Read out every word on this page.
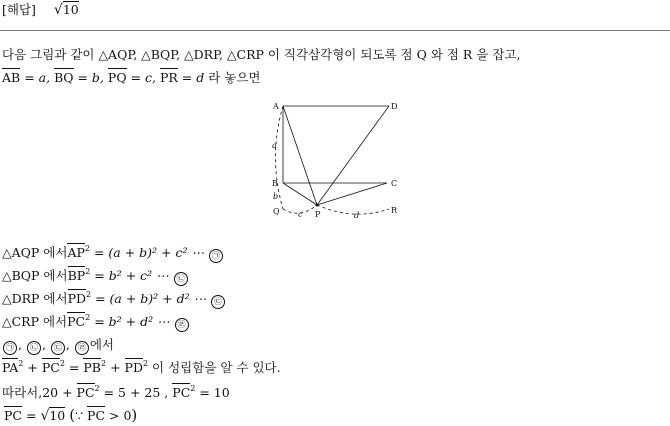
[해답] √10
다음 그림과 같이 △AQP, △BQP, △DRP, △CRP 이 직각삼각형이 되도록 점 Q 와 점 R 을 잡고,
AB = a, BQ = b, PQ = c, PR = d 라 놓으면
A	D
B	C
Q	P	R
a
b
c	d
△AQP 에서$AP^2 = (a + b)^2 + c^2$ ⋯ ㉠
△BQP 에서$BP^2 = b^2 + c^2$ ⋯ ㉡
△DRP 에서$PD^2 = (a + b)^2 + d^2$ ⋯ ㉢
△CRP 에서$PC^2 = b^2 + d^2$ ⋯ ㉣
㉠ , ㉡ , ㉢ , ㉣ 에서
$PA^2 + PC^2 = PB^2 + PD^2$ 이 성립함을 알 수 있다.
따라서$,20 + PC^2 = 5 + 25$ , $PC^2 = 10$
PC = √10 (∵ PC > 0)
